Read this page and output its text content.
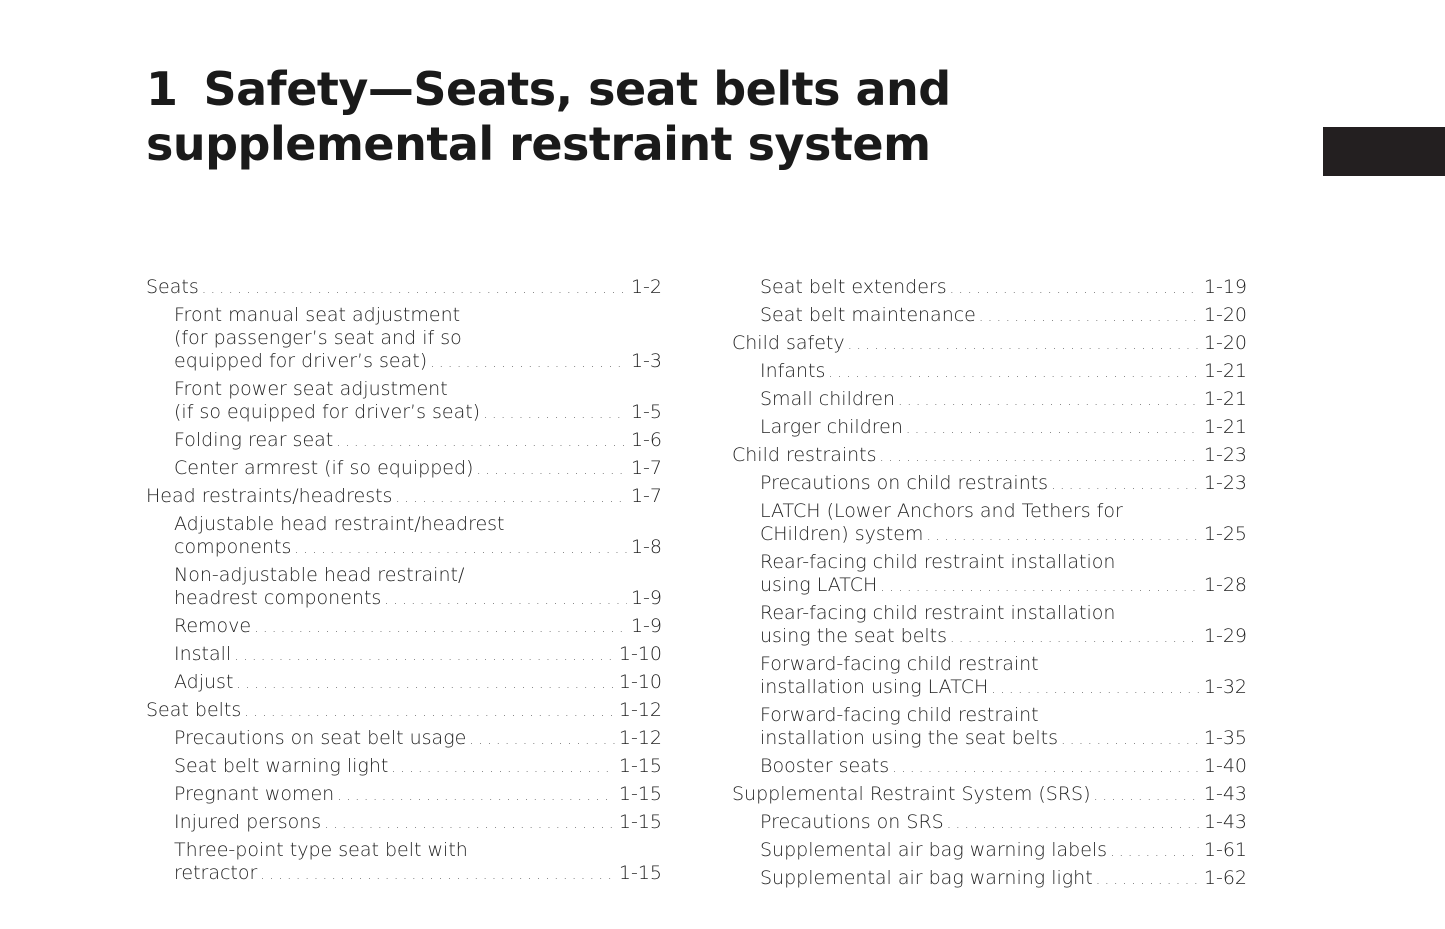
1 Safety—Seats, seat belts and
supplemental restraint system
Seats . . .	1-2
Front manual seat adjustment
(for passenger’s seat and if so
equipped for driver’s seat) . . .	1-3
Front power seat adjustment
(if so equipped for driver’s seat) . . .	1-5
Folding rear seat . . .	1-6
Center armrest (if so equipped) . . .	1-7
Head restraints/headrests . . .	1-7
Adjustable head restraint/headrest
components . . .	1-8
Non-adjustable head restraint/
headrest components . . .	1-9
Remove . . .	1-9
Install . . .	1-10
Adjust . . .	1-10
Seat belts . . .	1-12
Precautions on seat belt usage . . .	1-12
Seat belt warning light . . .	1-15
Pregnant women . . .	1-15
Injured persons . . .	1-15
Three-point type seat belt with
retractor . . .	1-15
Seat belt extenders . . .	1-19
Seat belt maintenance . . .	1-20
Child safety . . .	1-20
Infants . . .	1-21
Small children . . .	1-21
Larger children . . .	1-21
Child restraints . . .	1-23
Precautions on child restraints . . .	1-23
LATCH (Lower Anchors and Tethers for
CHildren) system . . .	1-25
Rear-facing child restraint installation
using LATCH . . .	1-28
Rear-facing child restraint installation
using the seat belts . . .	1-29
Forward-facing child restraint
installation using LATCH . . .	1-32
Forward-facing child restraint
installation using the seat belts . . .	1-35
Booster seats . . .	1-40
Supplemental Restraint System (SRS) . . .	1-43
Precautions on SRS . . .	1-43
Supplemental air bag warning labels . . .	1-61
Supplemental air bag warning light . . .	1-62
